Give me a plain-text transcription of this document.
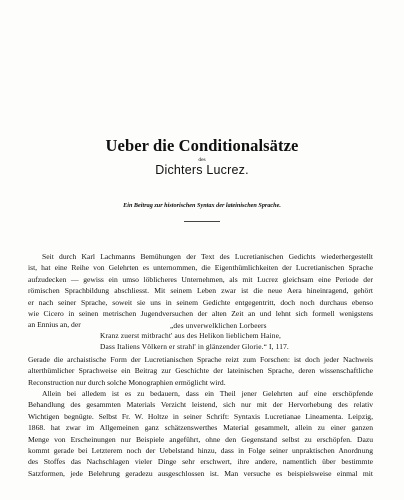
Ueber die Conditionalsätze
des
Dichters Lucrez.
Ein Beitrag zur historischen Syntax der lateinischen Sprache.
Seit durch Karl Lachmanns Bemühungen der Text des Lucretianischen Gedichts wiederhergestellt
ist, hat eine Reihe von Gelehrten es unternommen, die Eigenthümlichkeiten der Lucretianischen Sprache
aufzudecken — gewiss ein umso löblicheres Unternehmen, als mit Lucrez gleichsam eine Periode der
römischen Sprachbildung abschliesst. Mit seinem Leben zwar ist die neue Aera hineinragend, gehört
er nach seiner Sprache, soweit sie uns in seinem Gedichte entgegentritt, doch noch durchaus ebenso
wie Cicero in seinen metrischen Jugendversuchen der alten Zeit an und lehnt sich formell wenigstens
an Ennius an, der	„des unverwelklichen Lorbeers
Kranz zuerst mitbracht' aus des Helikon lieblichem Haine,
Dass Italiens Völkern er strahl' in glänzender Glorie.“ I, 117.
Gerade die archaistische Form der Lucretianischen Sprache reizt zum Forschen: ist doch jeder Nachweis
alterthümlicher Sprachweise ein Beitrag zur Geschichte der lateinischen Sprache, deren wissenschaftliche
Reconstruction nur durch solche Monographien ermöglicht wird.
Allein bei alledem ist es zu bedauern, dass ein Theil jener Gelehrten auf eine erschöpfende
Behandlung des gesammten Materials Verzicht leistend, sich nur mit der Hervorhebung des relativ
Wichtigen begnügte. Selbst Fr. W. Holtze in seiner Schrift: Syntaxis Lucretianae Lineamenta. Leipzig,
1868. hat zwar im Allgemeinen ganz schätzenswerthes Material gesammelt, allein zu einer ganzen
Menge von Erscheinungen nur Beispiele angeführt, ohne den Gegenstand selbst zu erschöpfen. Dazu
kommt gerade bei Letzterem noch der Uebelstand hinzu, dass in Folge seiner unpraktischen Anordnung
des Stoffes das Nachschlagen vieler Dinge sehr erschwert, ihre andere, namentlich über bestimmte
Satzformen, jede Belehrung geradezu ausgeschlossen ist. Man versuche es beispielsweise einmal mit
